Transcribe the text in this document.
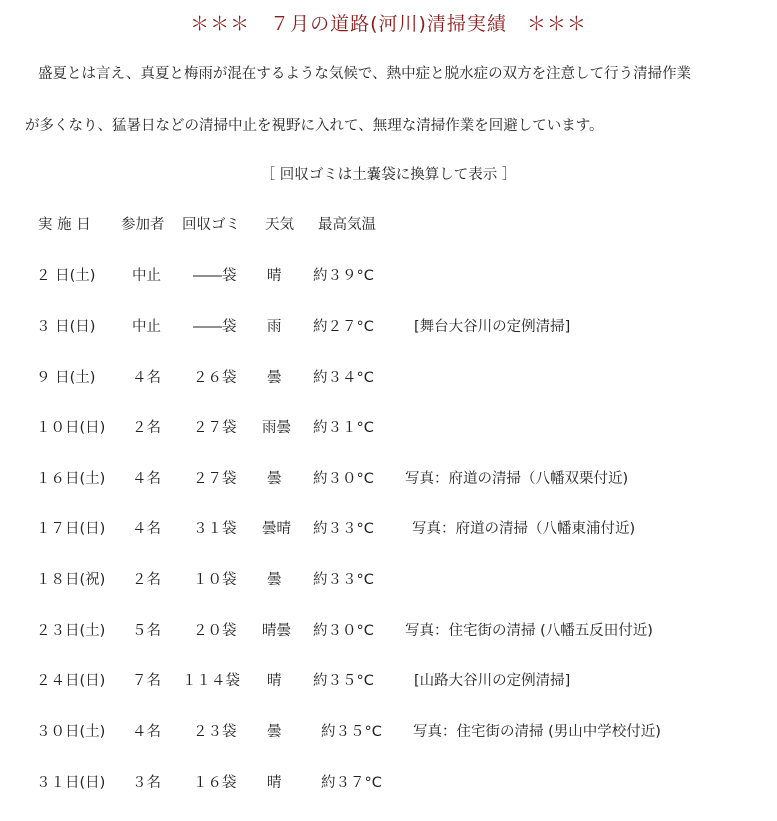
＊＊＊　７月の道路(河川)清掃実績　＊＊＊
盛夏とは言え、真夏と梅雨が混在するような気候で、熱中症と脱水症の双方を注意して行う清掃作業
が多くなり、猛暑日などの清掃中止を視野に入れて、無理な清掃作業を回避しています。
［ 回収ゴミは土嚢袋に換算して表示 ］
実 施 日 参加者 回収ゴミ 天気 最高気温
２ 日(土)	中止 ――袋 晴 約３９°C
３ 日(日)	中止 ――袋 雨 約２７°C	[舞台大谷川の定例清掃]
９ 日(土)	４名 ２６袋 曇 約３４°C
１０日(日) ２名 ２７袋 雨曇 約３１°C
１６日(土) ４名 ２７袋 曇 約３０°C 写真：府道の清掃（八幡双栗付近)
１７日(日) ４名 ３１袋 曇晴 約３３°C	写真：府道の清掃（八幡東浦付近)
１８日(祝) ２名 １０袋 曇 約３３°C
２３日(土) ５名 ２０袋 晴曇 約３０°C 写真：住宅街の清掃 (八幡五反田付近)
２４日(日) ７名 １１４袋 晴 約３５°C	[山路大谷川の定例清掃]
３０日(土) ４名 ２３袋 曇	約３５°C 写真：住宅街の清掃 (男山中学校付近)
３１日(日) ３名 １６袋 晴	約３７°C
